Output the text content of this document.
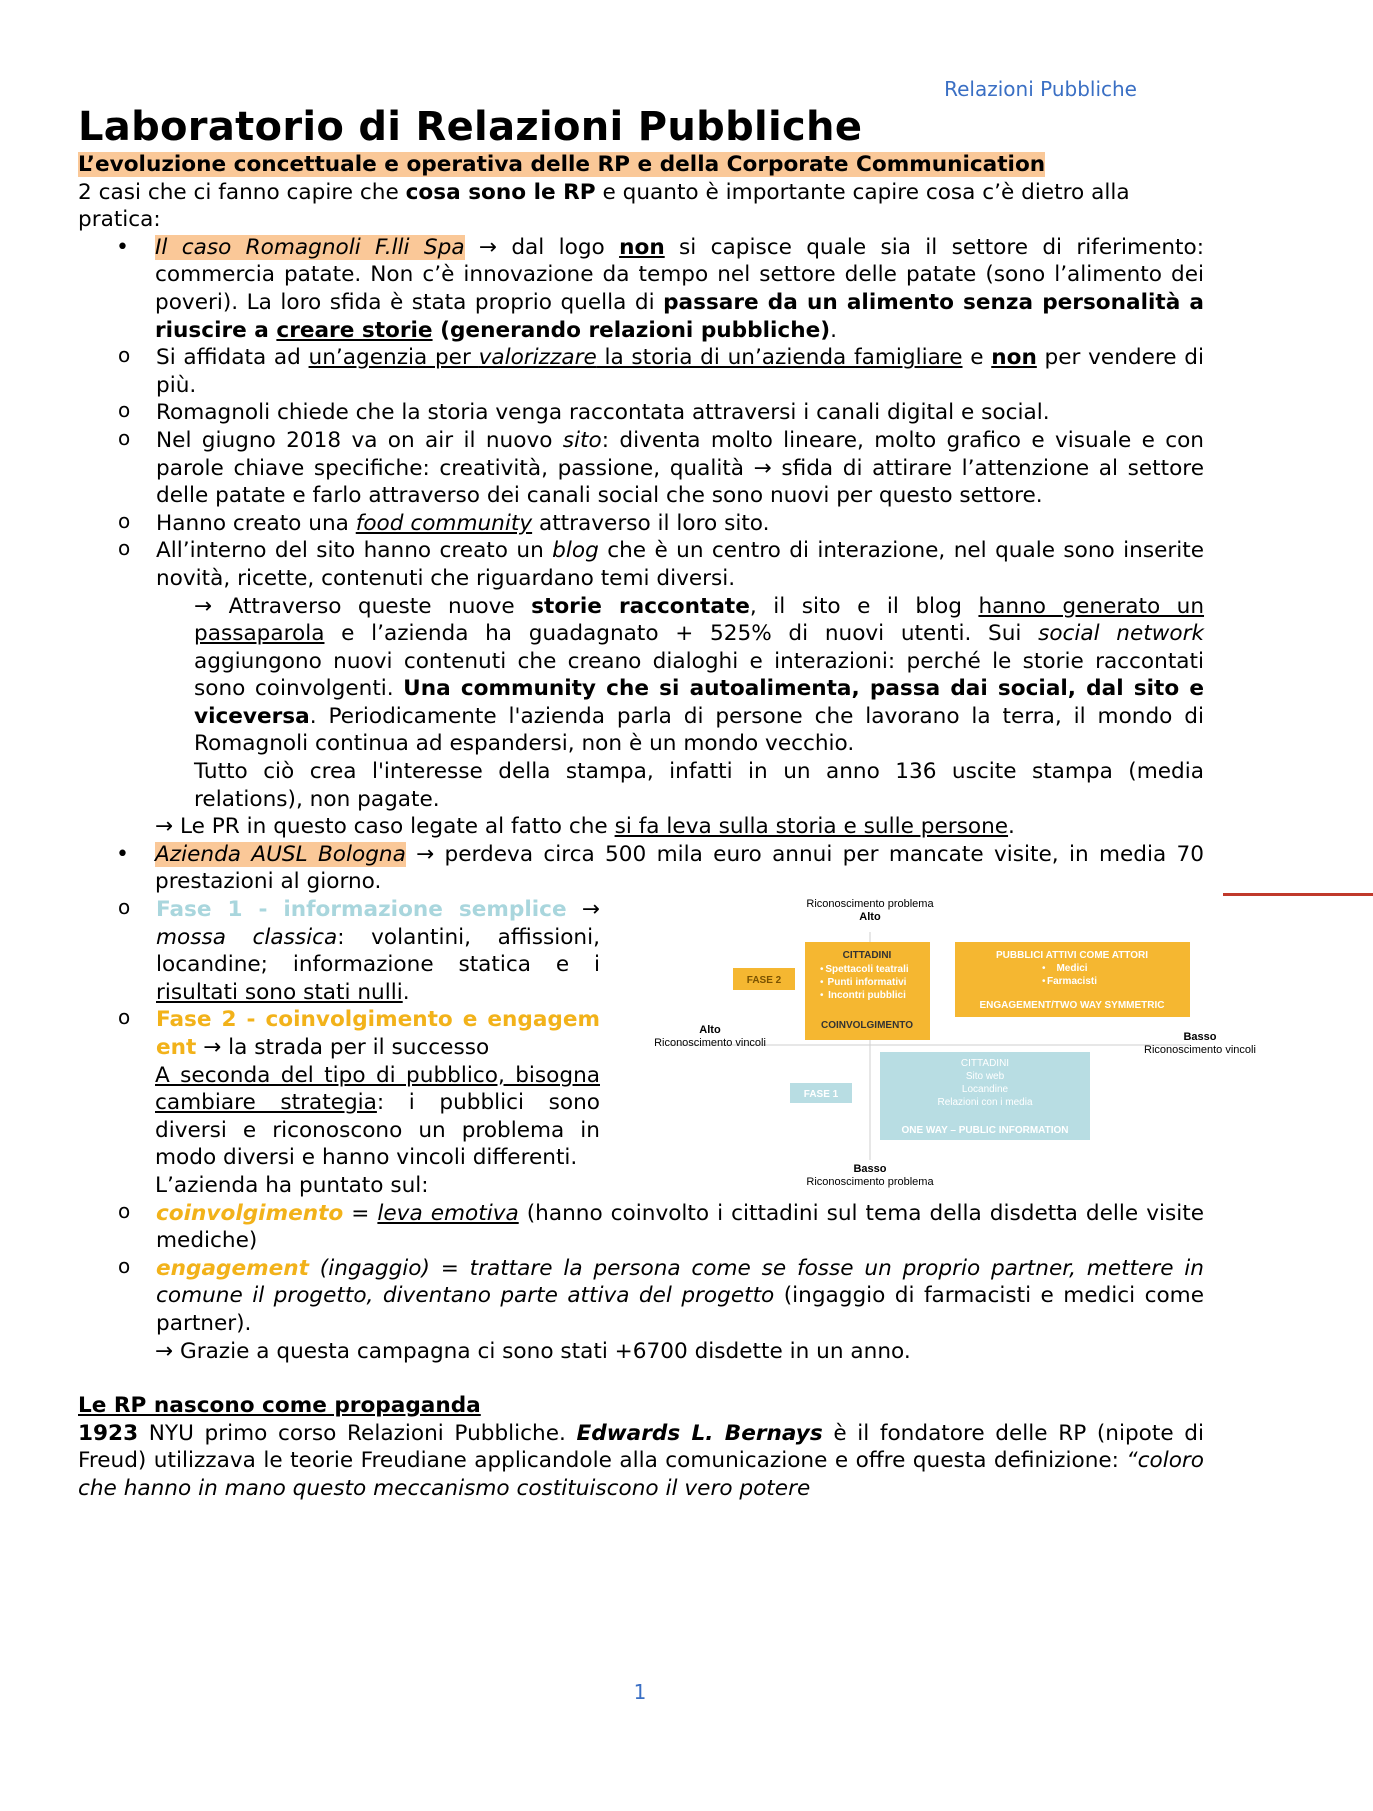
Relazioni Pubbliche
Laboratorio di Relazioni Pubbliche

L’evoluzione concettuale e operativa delle RP e della Corporate Communication

2 casi che ci fanno capire che cosa sono le RP e quanto è importante capire cosa c’è dietro alla pratica:

• Il caso Romagnoli F.lli Spa → dal logo non si capisce quale sia il settore di riferimento: commercia patate. Non c’è innovazione da tempo nel settore delle patate (sono l’alimento dei poveri). La loro sfida è stata proprio quella di passare da un alimento senza personalità a riuscire a creare storie (generando relazioni pubbliche).

o Si affidata ad un’agenzia per valorizzare la storia di un’azienda famigliare e non per vendere di più.
o Romagnoli chiede che la storia venga raccontata attraversi i canali digital e social.
o Nel giugno 2018 va on air il nuovo sito: diventa molto lineare, molto grafico e visuale e con parole chiave specifiche: creatività, passione, qualità → sfida di attirare l’attenzione al settore delle patate e farlo attraverso dei canali social che sono nuovi per questo settore.
o Hanno creato una food community attraverso il loro sito.
o All’interno del sito hanno creato un blog che è un centro di interazione, nel quale sono inserite novità, ricette, contenuti che riguardano temi diversi.

→ Attraverso queste nuove storie raccontate, il sito e il blog hanno generato un passaparola e l’azienda ha guadagnato + 525% di nuovi utenti. Sui social network aggiungono nuovi contenuti che creano dialoghi e interazioni: perché le storie raccontati sono coinvolgenti. Una community che si autoalimenta, passa dai social, dal sito e viceversa. Periodicamente l'azienda parla di persone che lavorano la terra, il mondo di Romagnoli continua ad espandersi, non è un mondo vecchio.

Tutto ciò crea l'interesse della stampa, infatti in un anno 136 uscite stampa (media relations), non pagate.

→ Le PR in questo caso legate al fatto che si fa leva sulla storia e sulle persone.

• Azienda AUSL Bologna → perdeva circa 500 mila euro annui per mancate visite, in media 70 prestazioni al giorno.

o Fase 1 - informazione semplice → mossa classica: volantini, affissioni, locandine; informazione statica e i risultati sono stati nulli.
o Fase 2 - coinvolgimento e engagement → la strada per il successo

A seconda del tipo di pubblico, bisogna cambiare strategia: i pubblici sono diversi e riconoscono un problema in modo diversi e hanno vincoli differenti.

Riconoscimento problema
Alto
Basso
Riconoscimento problema
Alto
Riconoscimento vincoli	Basso
Riconoscimento vincoli
FASE 2
CITTADINI
Spettacoli teatrali
Punti informativi
Incontri pubblici
COINVOLGIMENTO
•
•
•
PUBBLICI ATTIVI COME ATTORI
Medici
Farmacisti
ENGAGEMENT/TWO WAY SYMMETRIC
•
•
CITTADINI
Sito web
Locandine
Relazioni con i media
ONE WAY – PUBLIC INFORMATION
FASE 1

L’azienda ha puntato sul:

o coinvolgimento = leva emotiva (hanno coinvolto i cittadini sul tema della disdetta delle visite mediche)
o engagement (ingaggio) = trattare la persona come se fosse un proprio partner, mettere in comune il progetto, diventano parte attiva del progetto (ingaggio di farmacisti e medici come partner).

→ Grazie a questa campagna ci sono stati +6700 disdette in un anno.

Le RP nascono come propaganda

1923 NYU primo corso Relazioni Pubbliche. Edwards L. Bernays è il fondatore delle RP (nipote di Freud) utilizzava le teorie Freudiane applicandole alla comunicazione e offre questa definizione: “coloro che hanno in mano questo meccanismo costituiscono il vero potere

1
